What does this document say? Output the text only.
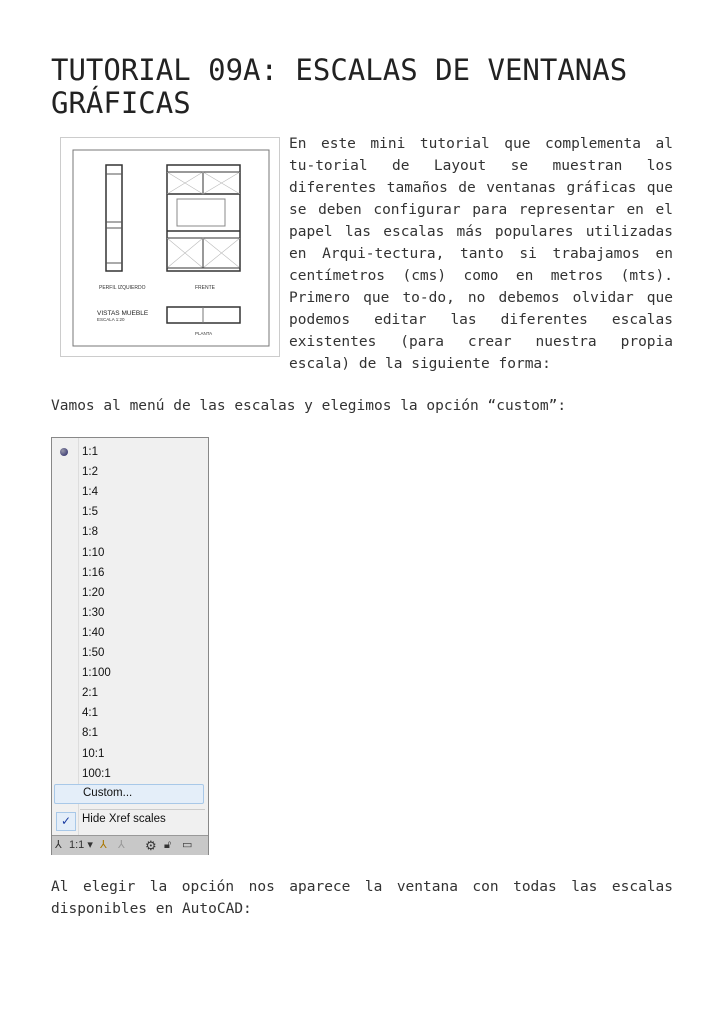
TUTORIAL 09A: ESCALAS DE VENTANAS GRÁFICAS
PERFIL IZQUIERDO	FRENTE
VISTAS MUEBLE
ESCALA 1:20
PLANTA

En este mini tutorial que complementa al tu-torial de Layout se muestran los diferentes tamaños de ventanas gráficas que se deben configurar para representar en el papel las escalas más populares utilizadas en Arqui-tectura, tanto si trabajamos en centímetros (cms) como en metros (mts). Primero que to-do, no debemos olvidar que podemos editar las diferentes escalas existentes (para crear nuestra propia escala) de la siguiente forma:

Vamos al menú de las escalas y elegimos la opción “custom”:

1:1
1:2
1:4
1:5
1:8
1:10
1:16
1:20
1:30
1:40
1:50
1:100
2:1
4:1
8:1
10:1
100:1
Custom...
✓ Hide Xref scales
⅄ 1:1 ▾ ⅄ ⅄ ⚙ 🔓︎ ▭

Al elegir la opción nos aparece la ventana con todas las escalas disponibles en AutoCAD:
